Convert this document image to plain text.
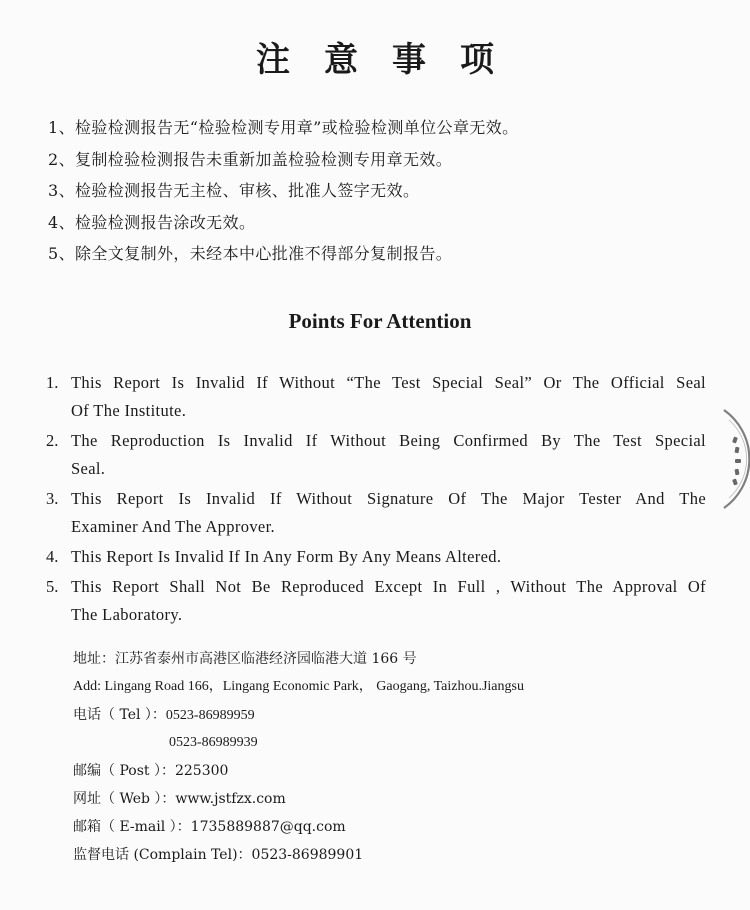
注意事项
1、检验检测报告无“检验检测专用章”或检验检测单位公章无效。
2、复制检验检测报告未重新加盖检验检测专用章无效。
3、检验检测报告无主检、审核、批准人签字无效。
4、检验检测报告涂改无效。
5、除全文复制外，未经本中心批准不得部分复制报告。
Points For Attention
1. This Report Is Invalid If Without “The Test Special Seal” Or The Official Seal
Of The Institute.
2. The Reproduction Is Invalid If Without Being Confirmed By The Test Special
Seal.
3. This Report Is Invalid If Without Signature Of The Major Tester And The
Examiner And The Approver.
4. This Report Is Invalid If In Any Form By Any Means Altered.
5. This Report Shall Not Be Reproduced Except In Full , Without The Approval Of
The Laboratory.
地址：江苏省泰州市高港区临港经济园临港大道 166 号
Add: Lingang Road 166，Lingang Economic Park， Gaogang, Taizhou.Jiangsu
电话（ Tel ）：0523-86989959
0523-86989939
邮编（ Post ）：225300
网址（ Web ）：www.jstfzx.com
邮箱（ E-mail ）：1735889887@qq.com
监督电话 (Complain Tel)：0523-86989901
